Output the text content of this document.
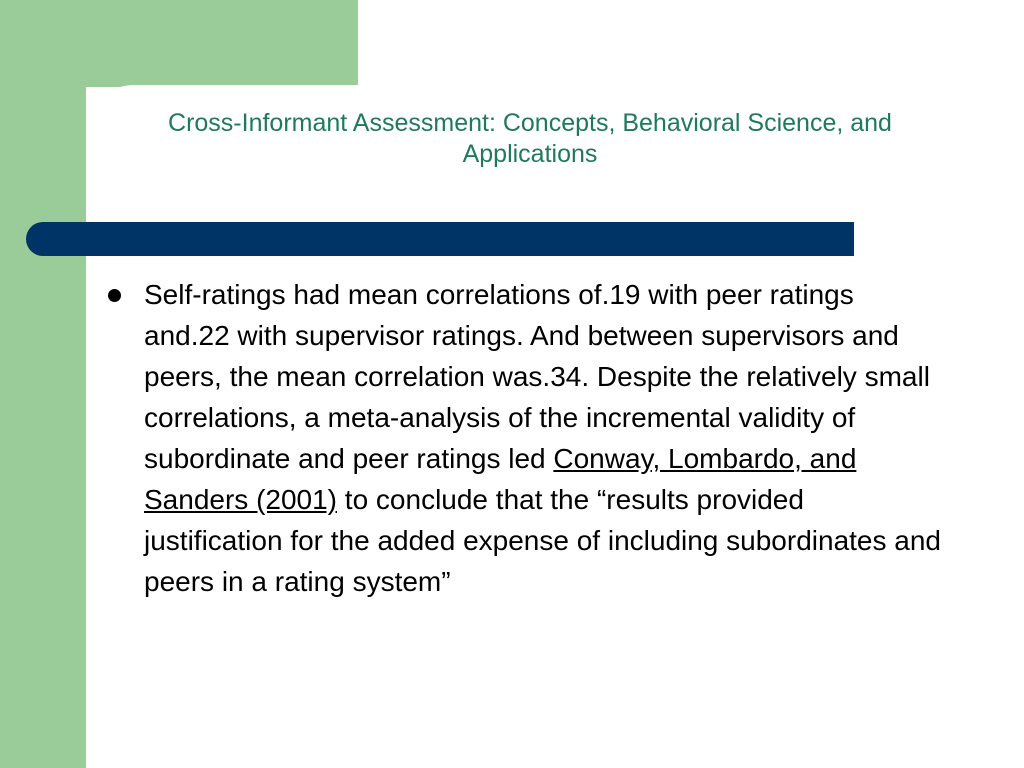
Cross-Informant Assessment: Concepts, Behavioral Science, and Applications
Self-ratings had mean correlations of.19 with peer ratings and.22 with supervisor ratings. And between supervisors and peers, the mean correlation was.34. Despite the relatively small correlations, a meta-analysis of the incremental validity of subordinate and peer ratings led Conway, Lombardo, and Sanders (2001) to conclude that the “results provided justification for the added expense of including subordinates and peers in a rating system”
